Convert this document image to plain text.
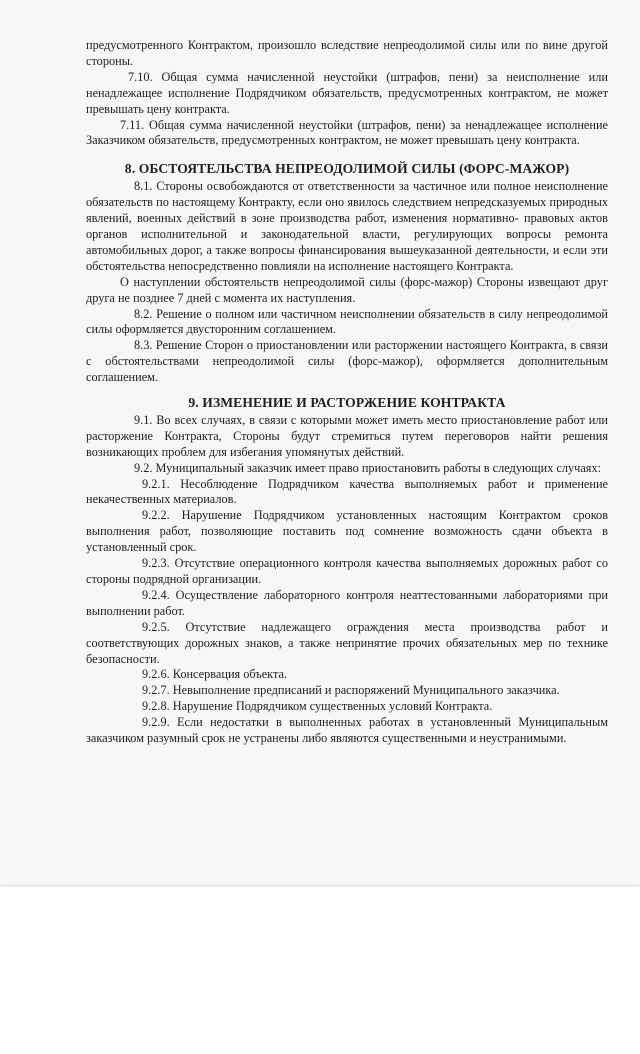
предусмотренного Контрактом, произошло вследствие непреодолимой силы или по вине другой стороны.

7.10. Общая сумма начисленной неустойки (штрафов, пени) за неисполнение или ненадлежащее исполнение Подрядчиком обязательств, предусмотренных контрактом, не может превышать цену контракта.

7.11. Общая сумма начисленной неустойки (штрафов, пени) за ненадлежащее исполнение Заказчиком обязательств, предусмотренных контрактом, не может превышать цену контракта.

8. ОБСТОЯТЕЛЬСТВА НЕПРЕОДОЛИМОЙ СИЛЫ (ФОРС-МАЖОР)

8.1. Стороны освобождаются от ответственности за частичное или полное неисполнение обязательств по настоящему Контракту, если оно явилось следствием непредсказуемых природных явлений, военных действий в зоне производства работ, изменения нормативно- правовых актов органов исполнительной и законодательной власти, регулирующих вопросы ремонта автомобильных дорог, а также вопросы финансирования вышеуказанной деятельности, и если эти обстоятельства непосредственно повлияли на исполнение настоящего Контракта.

О наступлении обстоятельств непреодолимой силы (форс-мажор) Стороны извещают друг друга не позднее 7 дней с момента их наступления.

8.2. Решение о полном или частичном неисполнении обязательств в силу непреодолимой силы оформляется двусторонним соглашением.

8.3. Решение Сторон о приостановлении или расторжении настоящего Контракта, в связи с обстоятельствами непреодолимой силы (форс-мажор), оформляется дополнительным соглашением.

9. ИЗМЕНЕНИЕ И РАСТОРЖЕНИЕ КОНТРАКТА

9.1. Во всех случаях, в связи с которыми может иметь место приостановление работ или расторжение Контракта, Стороны будут стремиться путем переговоров найти решения возникающих проблем для избегания упомянутых действий.

9.2. Муниципальный заказчик имеет право приостановить работы в следующих случаях:

9.2.1. Несоблюдение Подрядчиком качества выполняемых работ и применение некачественных материалов.

9.2.2. Нарушение Подрядчиком установленных настоящим Контрактом сроков выполнения работ, позволяющие поставить под сомнение возможность сдачи объекта в установленный срок.

9.2.3. Отсутствие операционного контроля качества выполняемых дорожных работ со стороны подрядной организации.

9.2.4. Осуществление лабораторного контроля неаттестованными лабораториями при выполнении работ.

9.2.5. Отсутствие надлежащего ограждения места производства работ и соответствующих дорожных знаков, а также непринятие прочих обязательных мер по технике безопасности.

9.2.6. Консервация объекта.

9.2.7. Невыполнение предписаний и распоряжений Муниципального заказчика.

9.2.8. Нарушение Подрядчиком существенных условий Контракта.

9.2.9. Если недостатки в выполненных работах в установленный Муниципальным заказчиком разумный срок не устранены либо являются существенными и неустранимыми.
